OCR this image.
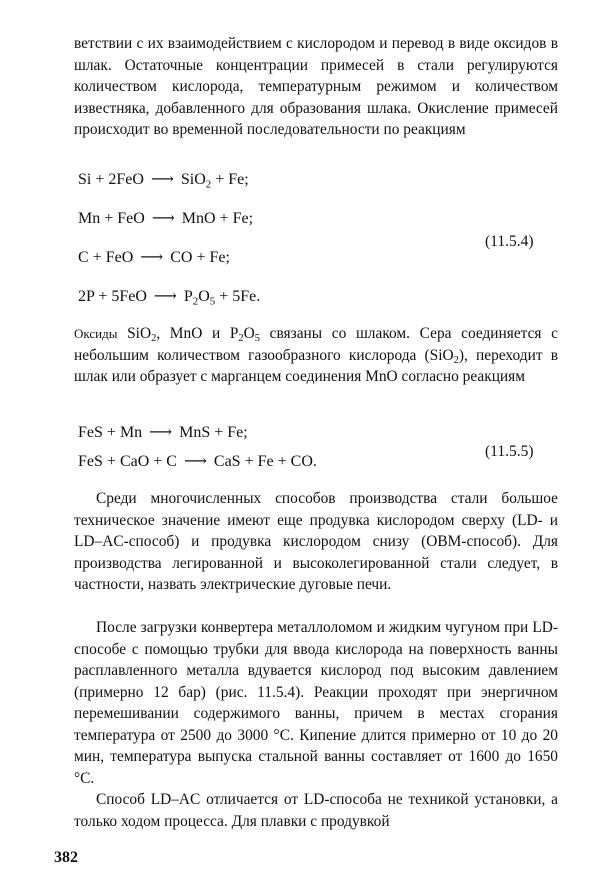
ветствии с их взаимодействием с кислородом и перевод в виде оксидов в шлак. Остаточные концентрации примесей в стали регулируются количеством кислорода, температурным режимом и количеством известняка, добавленного для образования шлака. Окисление примесей происходит во временной последовательности по реакциям

Si + 2FeO ⟶ SiO$_2$ + Fe;
Mn + FeO ⟶ MnO + Fe;
C + FeO ⟶ CO + Fe;
2P + 5FeO ⟶ $P_2O_5 + 5Fe$.
(11.5.4)

Оксиды SiO$_2$, MnO и $P_2O_5$ связаны со шлаком. Сера соединяется с небольшим количеством газообразного кислорода (SiO$_2$), переходит в шлак или образует с марганцем соединения MnO согласно реакциям

FeS + Mn ⟶ MnS + Fe;
FeS + CaO + C ⟶ CaS + Fe + CO.
(11.5.5)

Среди многочисленных способов производства стали большое техническое значение имеют еще продувка кислородом сверху (LD- и LD–AC-способ) и продувка кислородом снизу (OBM-способ). Для производства легированной и высоколегированной стали следует, в частности, назвать электрические дуговые печи.

После загрузки конвертера металлоломом и жидким чугуном при LD-способе с помощью трубки для ввода кислорода на поверхность ванны расплавленного металла вдувается кислород под высоким давлением (примерно 12 бар) (рис. 11.5.4). Реакции проходят при энергичном перемешивании содержимого ванны, причем в местах сгорания температура от 2500 до 3000 °С. Кипение длится примерно от 10 до 20 мин, температура выпуска стальной ванны составляет от 1600 до 1650 °С.

Способ LD–AC отличается от LD-способа не техникой установки, а только ходом процесса. Для плавки с продувкой

382
